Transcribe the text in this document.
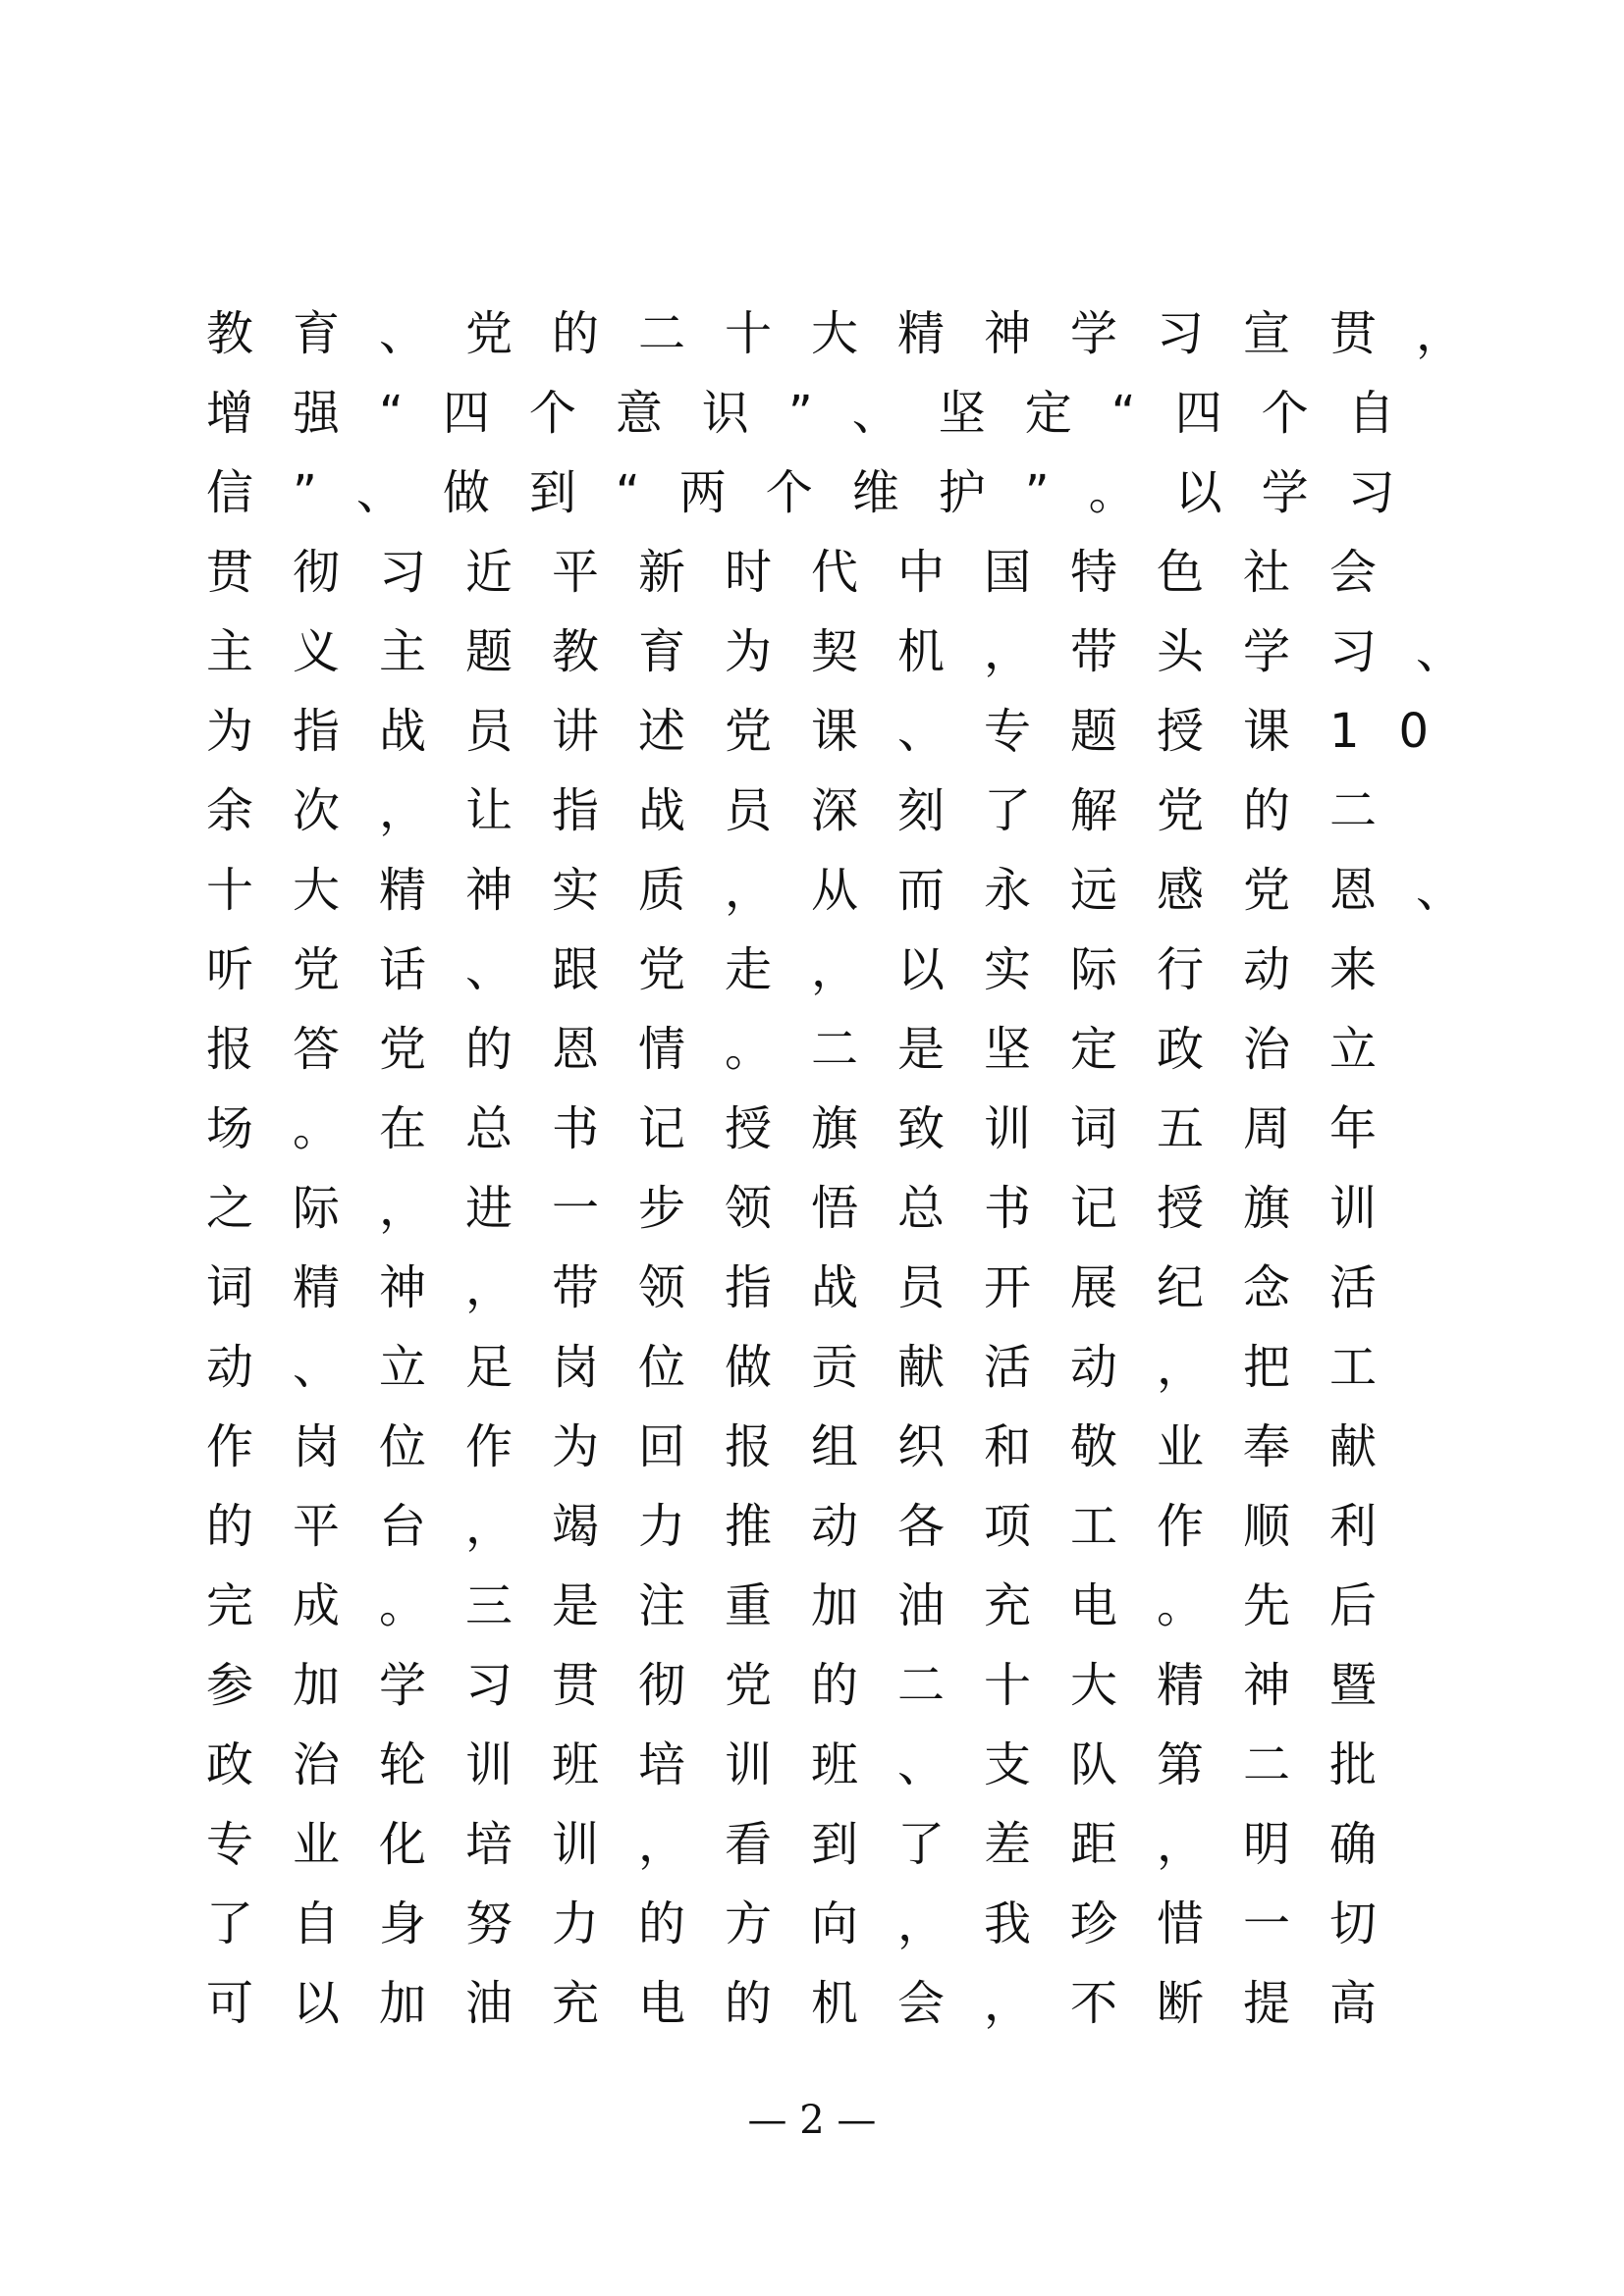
教育、党的二十大精神学习宣贯，
增强“四个意识”、坚定“四个自
信”、做到“两个维护”。以学习
贯彻习近平新时代中国特色社会
主义主题教育为契机，带头学习、
为指战员讲述党课、专题授课10
余次，让指战员深刻了解党的二
十大精神实质，从而永远感党恩、
听党话、跟党走，以实际行动来
报答党的恩情。二是坚定政治立
场。在总书记授旗致训词五周年
之际，进一步领悟总书记授旗训
词精神，带领指战员开展纪念活
动、立足岗位做贡献活动，把工
作岗位作为回报组织和敬业奉献
的平台，竭力推动各项工作顺利
完成。三是注重加油充电。先后
参加学习贯彻党的二十大精神暨
政治轮训班培训班、支队第二批
专业化培训，看到了差距，明确
了自身努力的方向，我珍惜一切
可以加油充电的机会，不断提高
— 2 —
